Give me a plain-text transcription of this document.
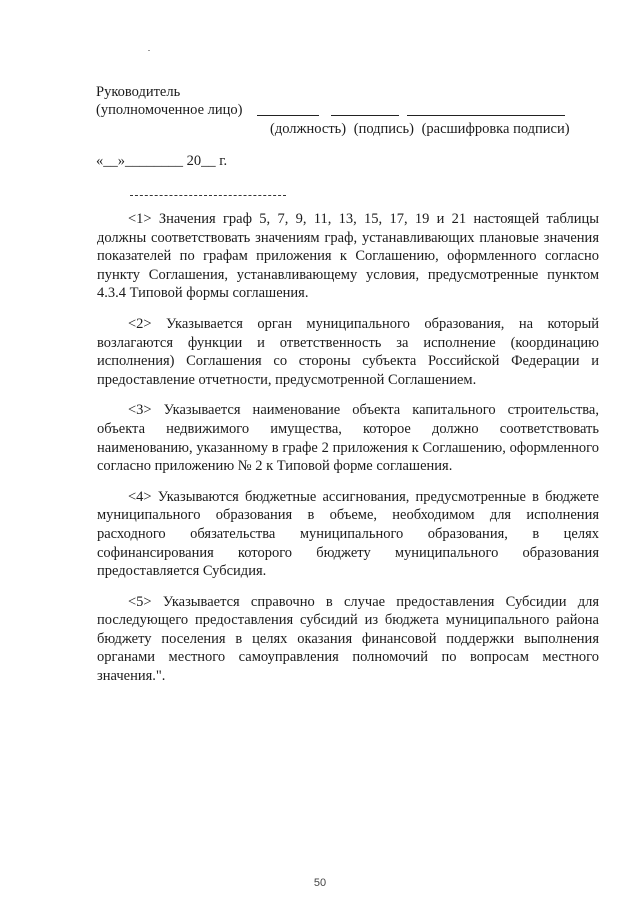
Руководитель
(уполномоченное лицо)
(должность) (подпись) (расшифровка подписи)
«__»________ 20__ г.

<1> Значения граф 5, 7, 9, 11, 13, 15, 17, 19 и 21 настоящей таблицы должны соответствовать значениям граф, устанавливающих плановые значения показателей по графам приложения к Соглашению, оформленного согласно пункту Соглашения, устанавливающему условия, предусмотренные пунктом 4.3.4 Типовой формы соглашения.

<2> Указывается орган муниципального образования, на который возлагаются функции и ответственность за исполнение (координацию исполнения) Соглашения со стороны субъекта Российской Федерации и предоставление отчетности, предусмотренной Соглашением.

<3> Указывается наименование объекта капитального строительства, объекта недвижимого имущества, которое должно соответствовать наименованию, указанному в графе 2 приложения к Соглашению, оформленного согласно приложению № 2 к Типовой форме соглашения.

<4> Указываются бюджетные ассигнования, предусмотренные в бюджете муниципального образования в объеме, необходимом для исполнения расходного обязательства муниципального образования, в целях софинансирования которого бюджету муниципального образования предоставляется Субсидия.

<5> Указывается справочно в случае предоставления Субсидии для последующего предоставления субсидий из бюджета муниципального района бюджету поселения в целях оказания финансовой поддержки выполнения органами местного самоуправления полномочий по вопросам местного значения.".

50
